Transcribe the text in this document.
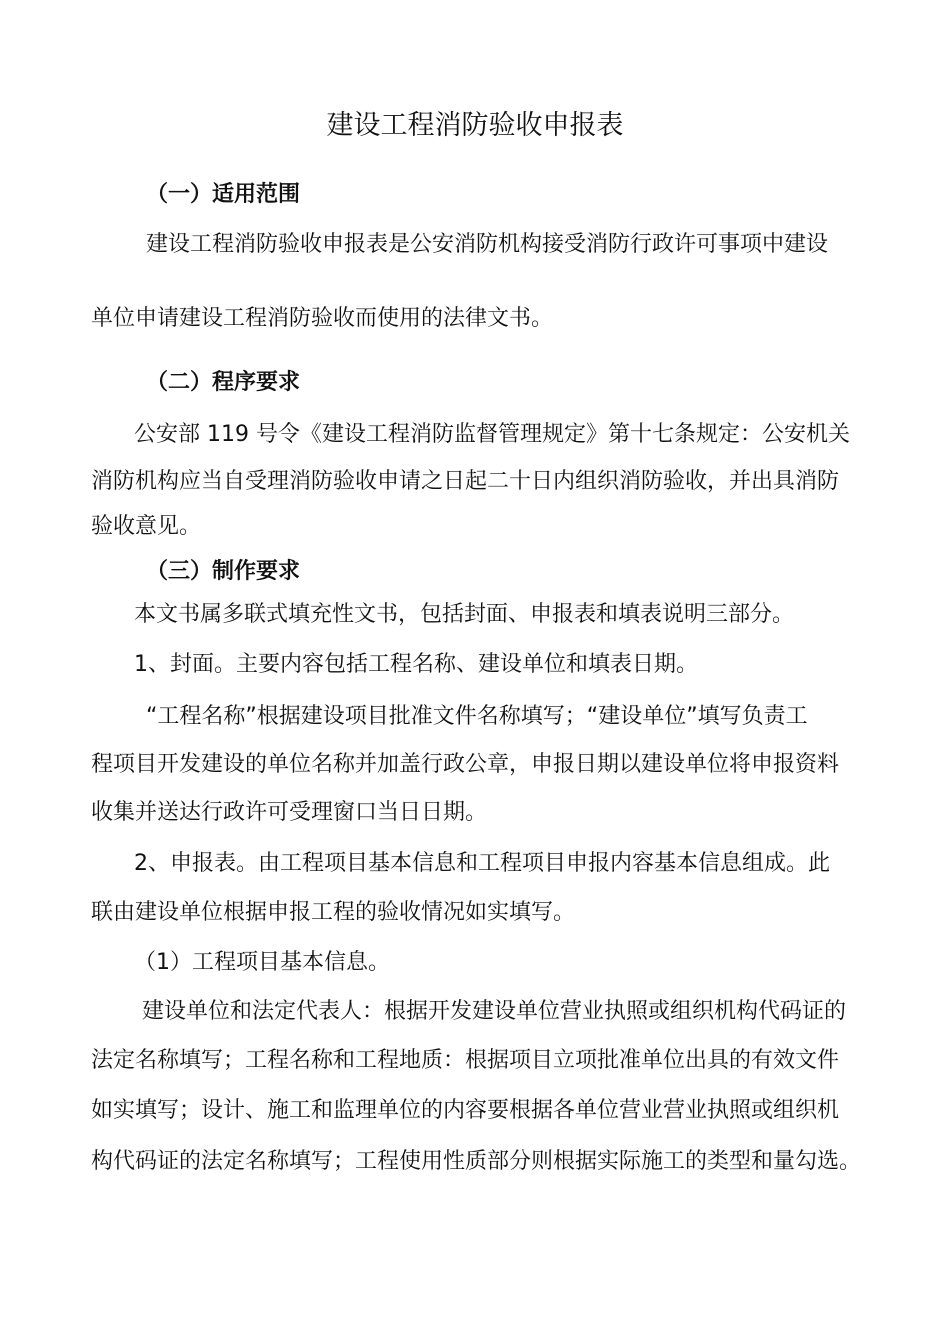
建设工程消防验收申报表
（一）适用范围
建设工程消防验收申报表是公安消防机构接受消防行政许可事项中建设
单位申请建设工程消防验收而使用的法律文书。
（二）程序要求
公安部 119 号令《建设工程消防监督管理规定》第十七条规定：公安机关
消防机构应当自受理消防验收申请之日起二十日内组织消防验收，并出具消防
验收意见。
（三）制作要求
本文书属多联式填充性文书，包括封面、申报表和填表说明三部分。
1、封面。主要内容包括工程名称、建设单位和填表日期。
“工程名称”根据建设项目批准文件名称填写；“建设单位”填写负责工
程项目开发建设的单位名称并加盖行政公章，申报日期以建设单位将申报资料
收集并送达行政许可受理窗口当日日期。
2、申报表。由工程项目基本信息和工程项目申报内容基本信息组成。此
联由建设单位根据申报工程的验收情况如实填写。
（1）工程项目基本信息。
建设单位和法定代表人：根据开发建设单位营业执照或组织机构代码证的
法定名称填写；工程名称和工程地质：根据项目立项批准单位出具的有效文件
如实填写；设计、施工和监理单位的内容要根据各单位营业营业执照或组织机
构代码证的法定名称填写；工程使用性质部分则根据实际施工的类型和量勾选。
